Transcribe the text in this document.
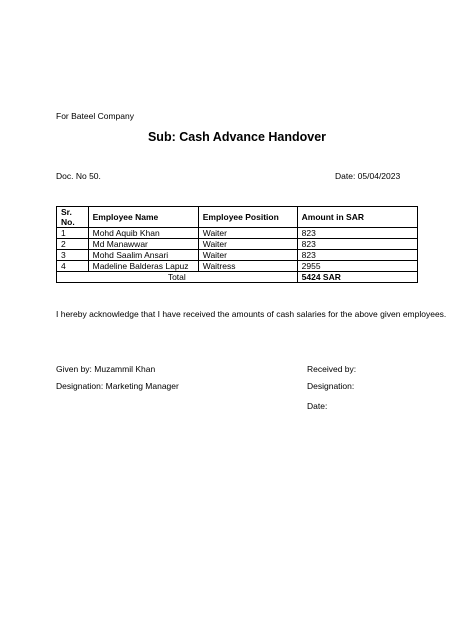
For Bateel Company
Sub: Cash Advance Handover
Doc. No 50.	Date: 05/04/2023
Sr. No.	Employee Name	Employee Position	Amount in SAR
1	Mohd Aquib Khan	Waiter	823
2	Md Manawwar	Waiter	823
3	Mohd Saalim Ansari	Waiter	823
4	Madeline Balderas Lapuz	Waitress	2955
Total			5424 SAR
I hereby acknowledge that I have received the amounts of cash salaries for the above given employees.
Given by: Muzammil Khan
Designation: Marketing Manager
Received by:
Designation:
Date:
